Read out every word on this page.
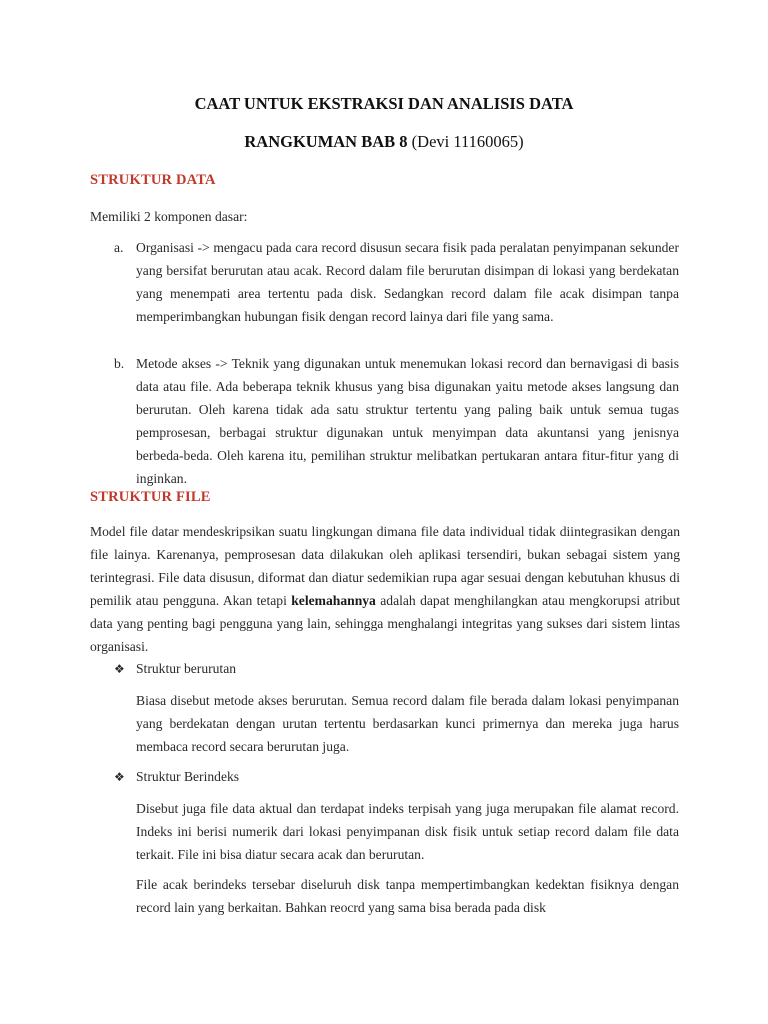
CAAT UNTUK EKSTRAKSI DAN ANALISIS DATA
RANGKUMAN BAB 8 (Devi 11160065)
STRUKTUR DATA

Memiliki 2 komponen dasar:

a. Organisasi -> mengacu pada cara record disusun secara fisik pada peralatan penyimpanan sekunder yang bersifat berurutan atau acak. Record dalam file berurutan disimpan di lokasi yang berdekatan yang menempati area tertentu pada disk. Sedangkan record dalam file acak disimpan tanpa memperimbangkan hubungan fisik dengan record lainya dari file yang sama.

b. Metode akses -> Teknik yang digunakan untuk menemukan lokasi record dan bernavigasi di basis data atau file. Ada beberapa teknik khusus yang bisa digunakan yaitu metode akses langsung dan berurutan. Oleh karena tidak ada satu struktur tertentu yang paling baik untuk semua tugas pemprosesan, berbagai struktur digunakan untuk menyimpan data akuntansi yang jenisnya berbeda-beda. Oleh karena itu, pemilihan struktur melibatkan pertukaran antara fitur-fitur yang di inginkan.

STRUKTUR FILE

Model file datar mendeskripsikan suatu lingkungan dimana file data individual tidak diintegrasikan dengan file lainya. Karenanya, pemprosesan data dilakukan oleh aplikasi tersendiri, bukan sebagai sistem yang terintegrasi. File data disusun, diformat dan diatur sedemikian rupa agar sesuai dengan kebutuhan khusus di pemilik atau pengguna. Akan tetapi kelemahannya adalah dapat menghilangkan atau mengkorupsi atribut data yang penting bagi pengguna yang lain, sehingga menghalangi integritas yang sukses dari sistem lintas organisasi.

❖ Struktur berurutan

Biasa disebut metode akses berurutan. Semua record dalam file berada dalam lokasi penyimpanan yang berdekatan dengan urutan tertentu berdasarkan kunci primernya dan mereka juga harus membaca record secara berurutan juga.

❖ Struktur Berindeks

Disebut juga file data aktual dan terdapat indeks terpisah yang juga merupakan file alamat record. Indeks ini berisi numerik dari lokasi penyimpanan disk fisik untuk setiap record dalam file data terkait. File ini bisa diatur secara acak dan berurutan.

File acak berindeks tersebar diseluruh disk tanpa mempertimbangkan kedektan fisiknya dengan record lain yang berkaitan. Bahkan reocrd yang sama bisa berada pada disk
